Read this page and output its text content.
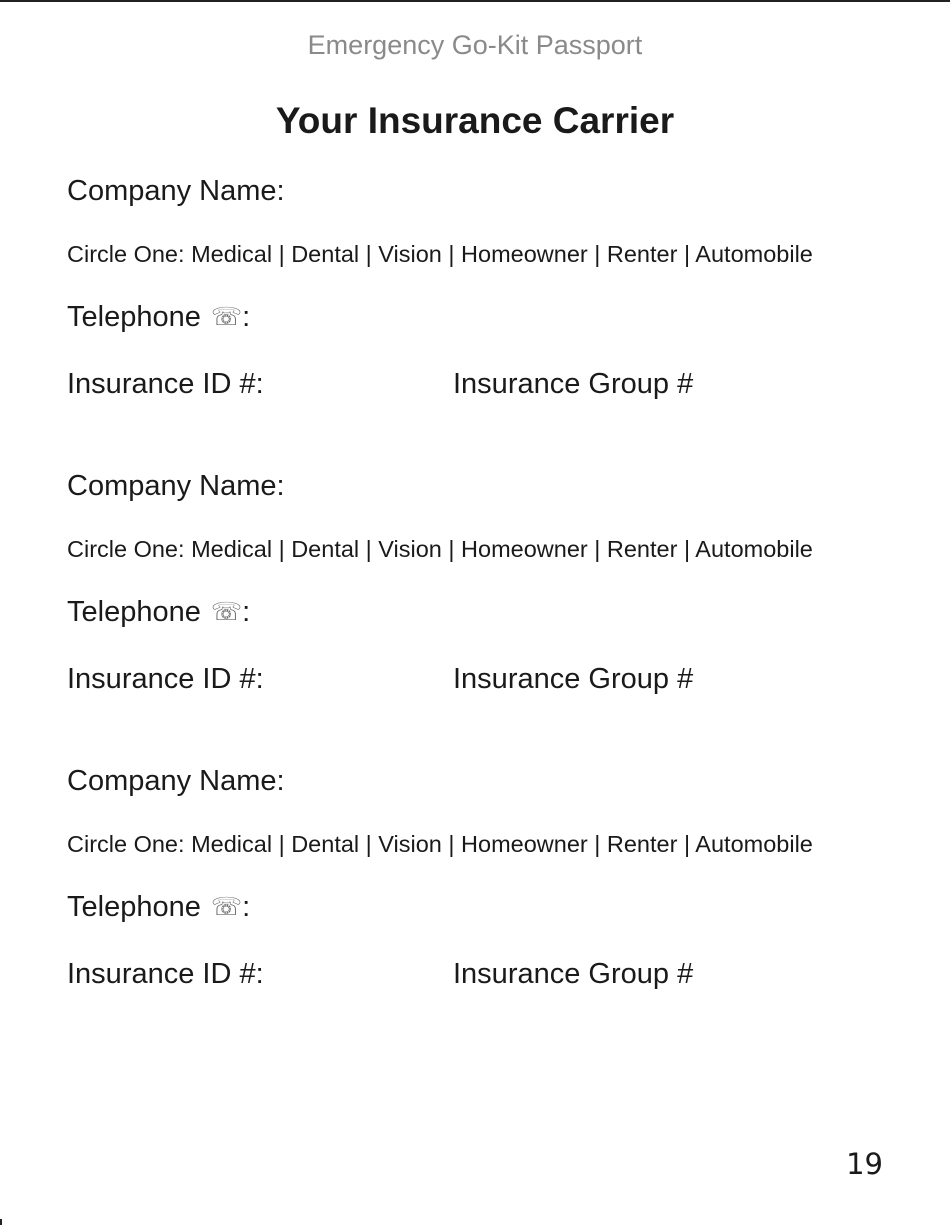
Emergency Go-Kit Passport
Your Insurance Carrier
Company Name:
Circle One: Medical | Dental | Vision | Homeowner | Renter | Automobile
Telephone ☏:
Insurance ID #:	Insurance Group #
Company Name:
Circle One: Medical | Dental | Vision | Homeowner | Renter | Automobile
Telephone ☏:
Insurance ID #:	Insurance Group #
Company Name:
Circle One: Medical | Dental | Vision | Homeowner | Renter | Automobile
Telephone ☏:
Insurance ID #:	Insurance Group #
19
